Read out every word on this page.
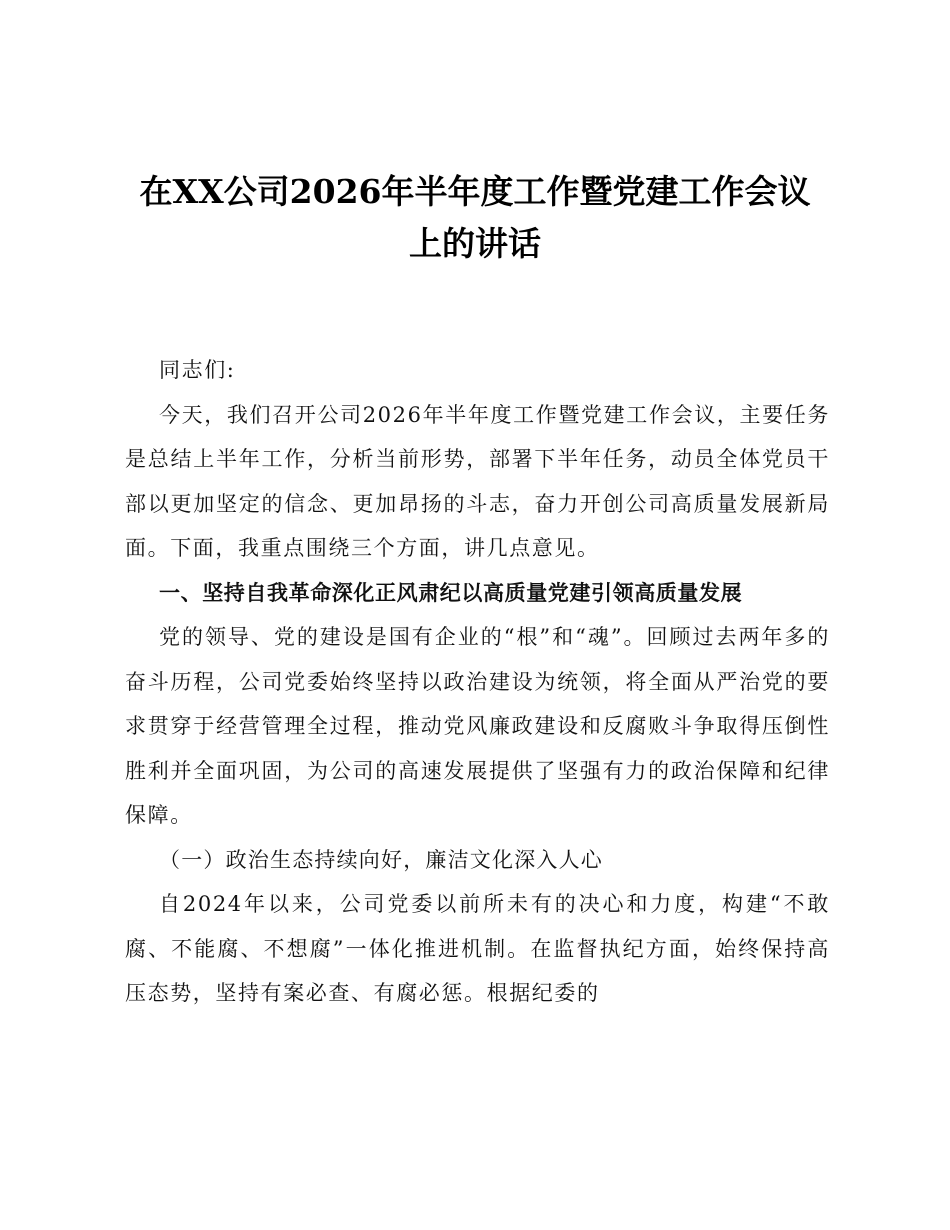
在XX公司2026年半年度工作暨党建工作会议
上的讲话

同志们:

今天，我们召开公司2026年半年度工作暨党建工作会议，主要任务是总结上半年工作，分析当前形势，部署下半年任务，动员全体党员干部以更加坚定的信念、更加昂扬的斗志，奋力开创公司高质量发展新局面。下面，我重点围绕三个方面，讲几点意见。

一、坚持自我革命深化正风肃纪以高质量党建引领高质量发展

党的领导、党的建设是国有企业的“根”和“魂”。回顾过去两年多的奋斗历程，公司党委始终坚持以政治建设为统领，将全面从严治党的要求贯穿于经营管理全过程，推动党风廉政建设和反腐败斗争取得压倒性胜利并全面巩固，为公司的高速发展提供了坚强有力的政治保障和纪律保障。

（一）政治生态持续向好，廉洁文化深入人心

自2024年以来，公司党委以前所未有的决心和力度，构建“不敢腐、不能腐、不想腐”一体化推进机制。在监督执纪方面，始终保持高压态势，坚持有案必查、有腐必惩。根据纪委的
